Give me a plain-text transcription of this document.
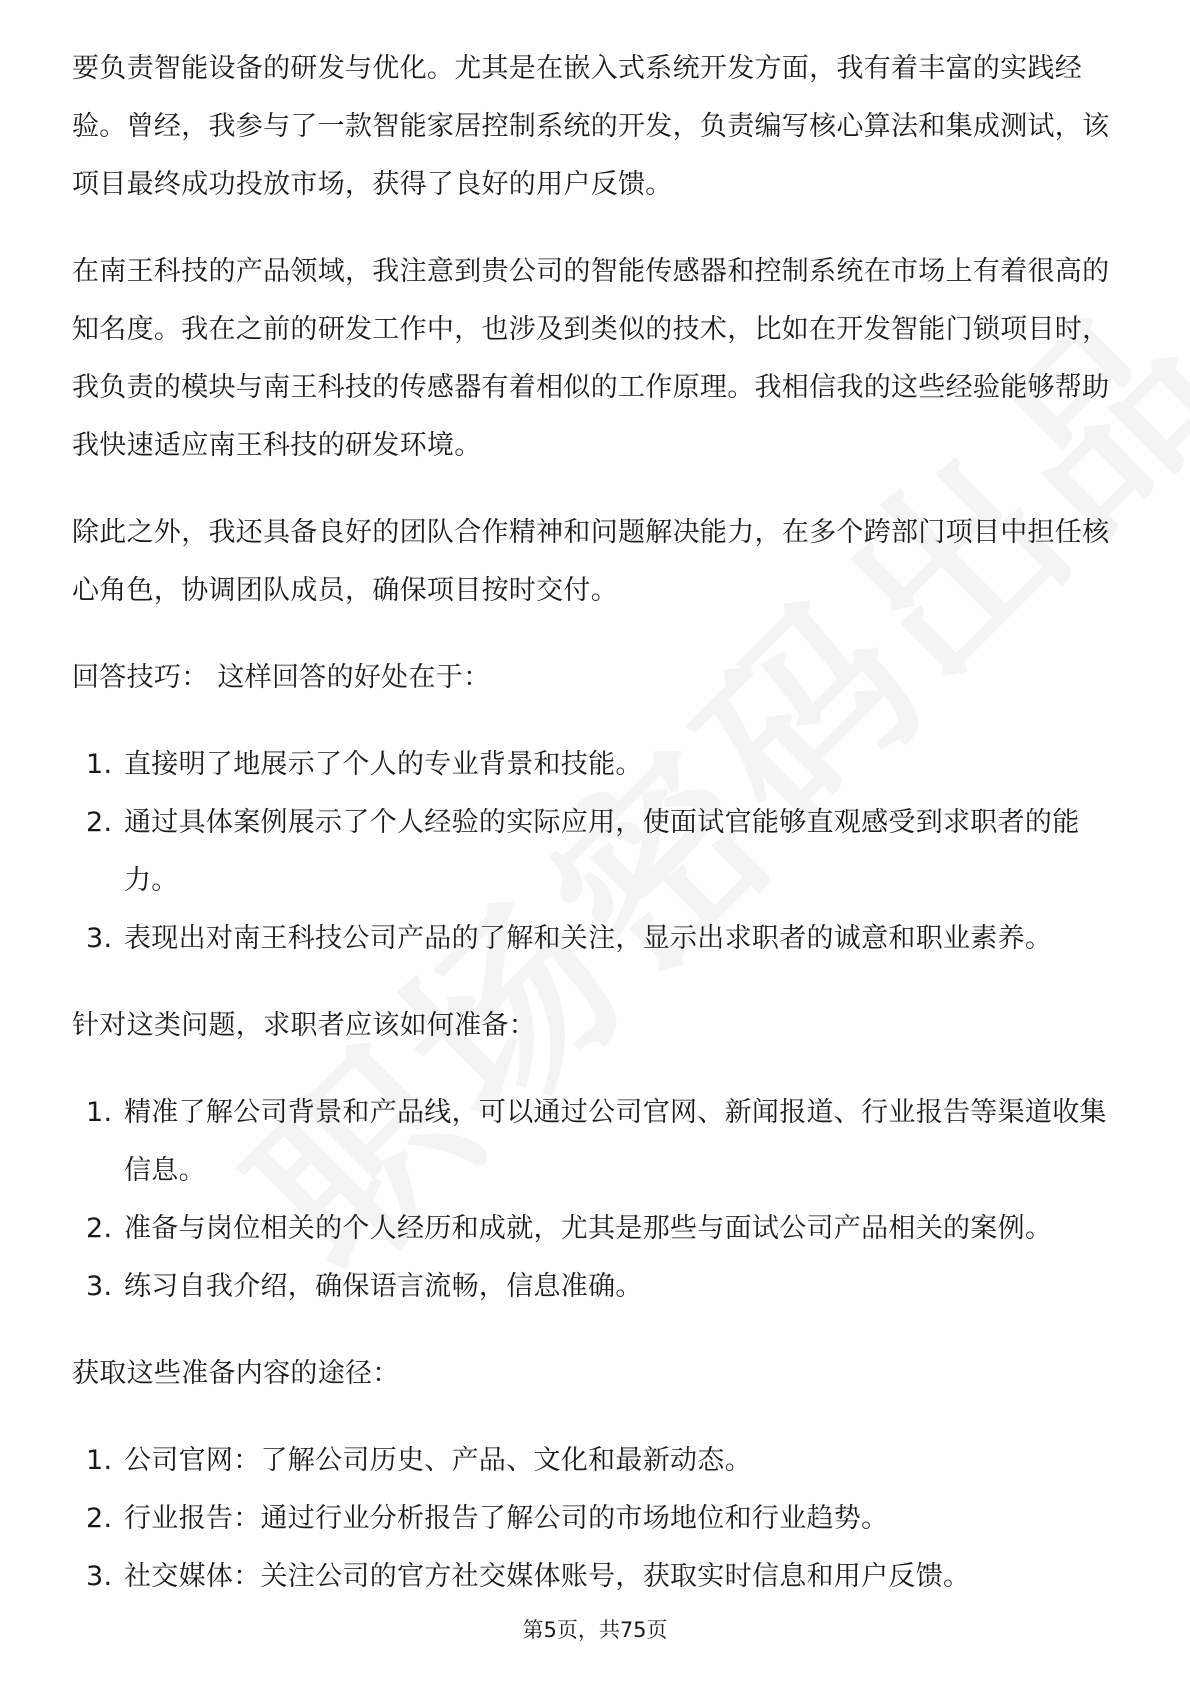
要负责智能设备的研发与优化。尤其是在嵌入式系统开发方面，我有着丰富的实践经验。曾经，我参与了一款智能家居控制系统的开发，负责编写核心算法和集成测试，该项目最终成功投放市场，获得了良好的用户反馈。

在南王科技的产品领域，我注意到贵公司的智能传感器和控制系统在市场上有着很高的知名度。我在之前的研发工作中，也涉及到类似的技术，比如在开发智能门锁项目时，我负责的模块与南王科技的传感器有着相似的工作原理。我相信我的这些经验能够帮助我快速适应南王科技的研发环境。

除此之外，我还具备良好的团队合作精神和问题解决能力，在多个跨部门项目中担任核心角色，协调团队成员，确保项目按时交付。

回答技巧： 这样回答的好处在于：

1. 直接明了地展示了个人的专业背景和技能。
2. 通过具体案例展示了个人经验的实际应用，使面试官能够直观感受到求职者的能力。
3. 表现出对南王科技公司产品的了解和关注，显示出求职者的诚意和职业素养。

针对这类问题，求职者应该如何准备：

1. 精准了解公司背景和产品线，可以通过公司官网、新闻报道、行业报告等渠道收集信息。
2. 准备与岗位相关的个人经历和成就，尤其是那些与面试公司产品相关的案例。
3. 练习自我介绍，确保语言流畅，信息准确。

获取这些准备内容的途径：

1. 公司官网：了解公司历史、产品、文化和最新动态。
2. 行业报告：通过行业分析报告了解公司的市场地位和行业趋势。
3. 社交媒体：关注公司的官方社交媒体账号，获取实时信息和用户反馈。
第5页，共75页
